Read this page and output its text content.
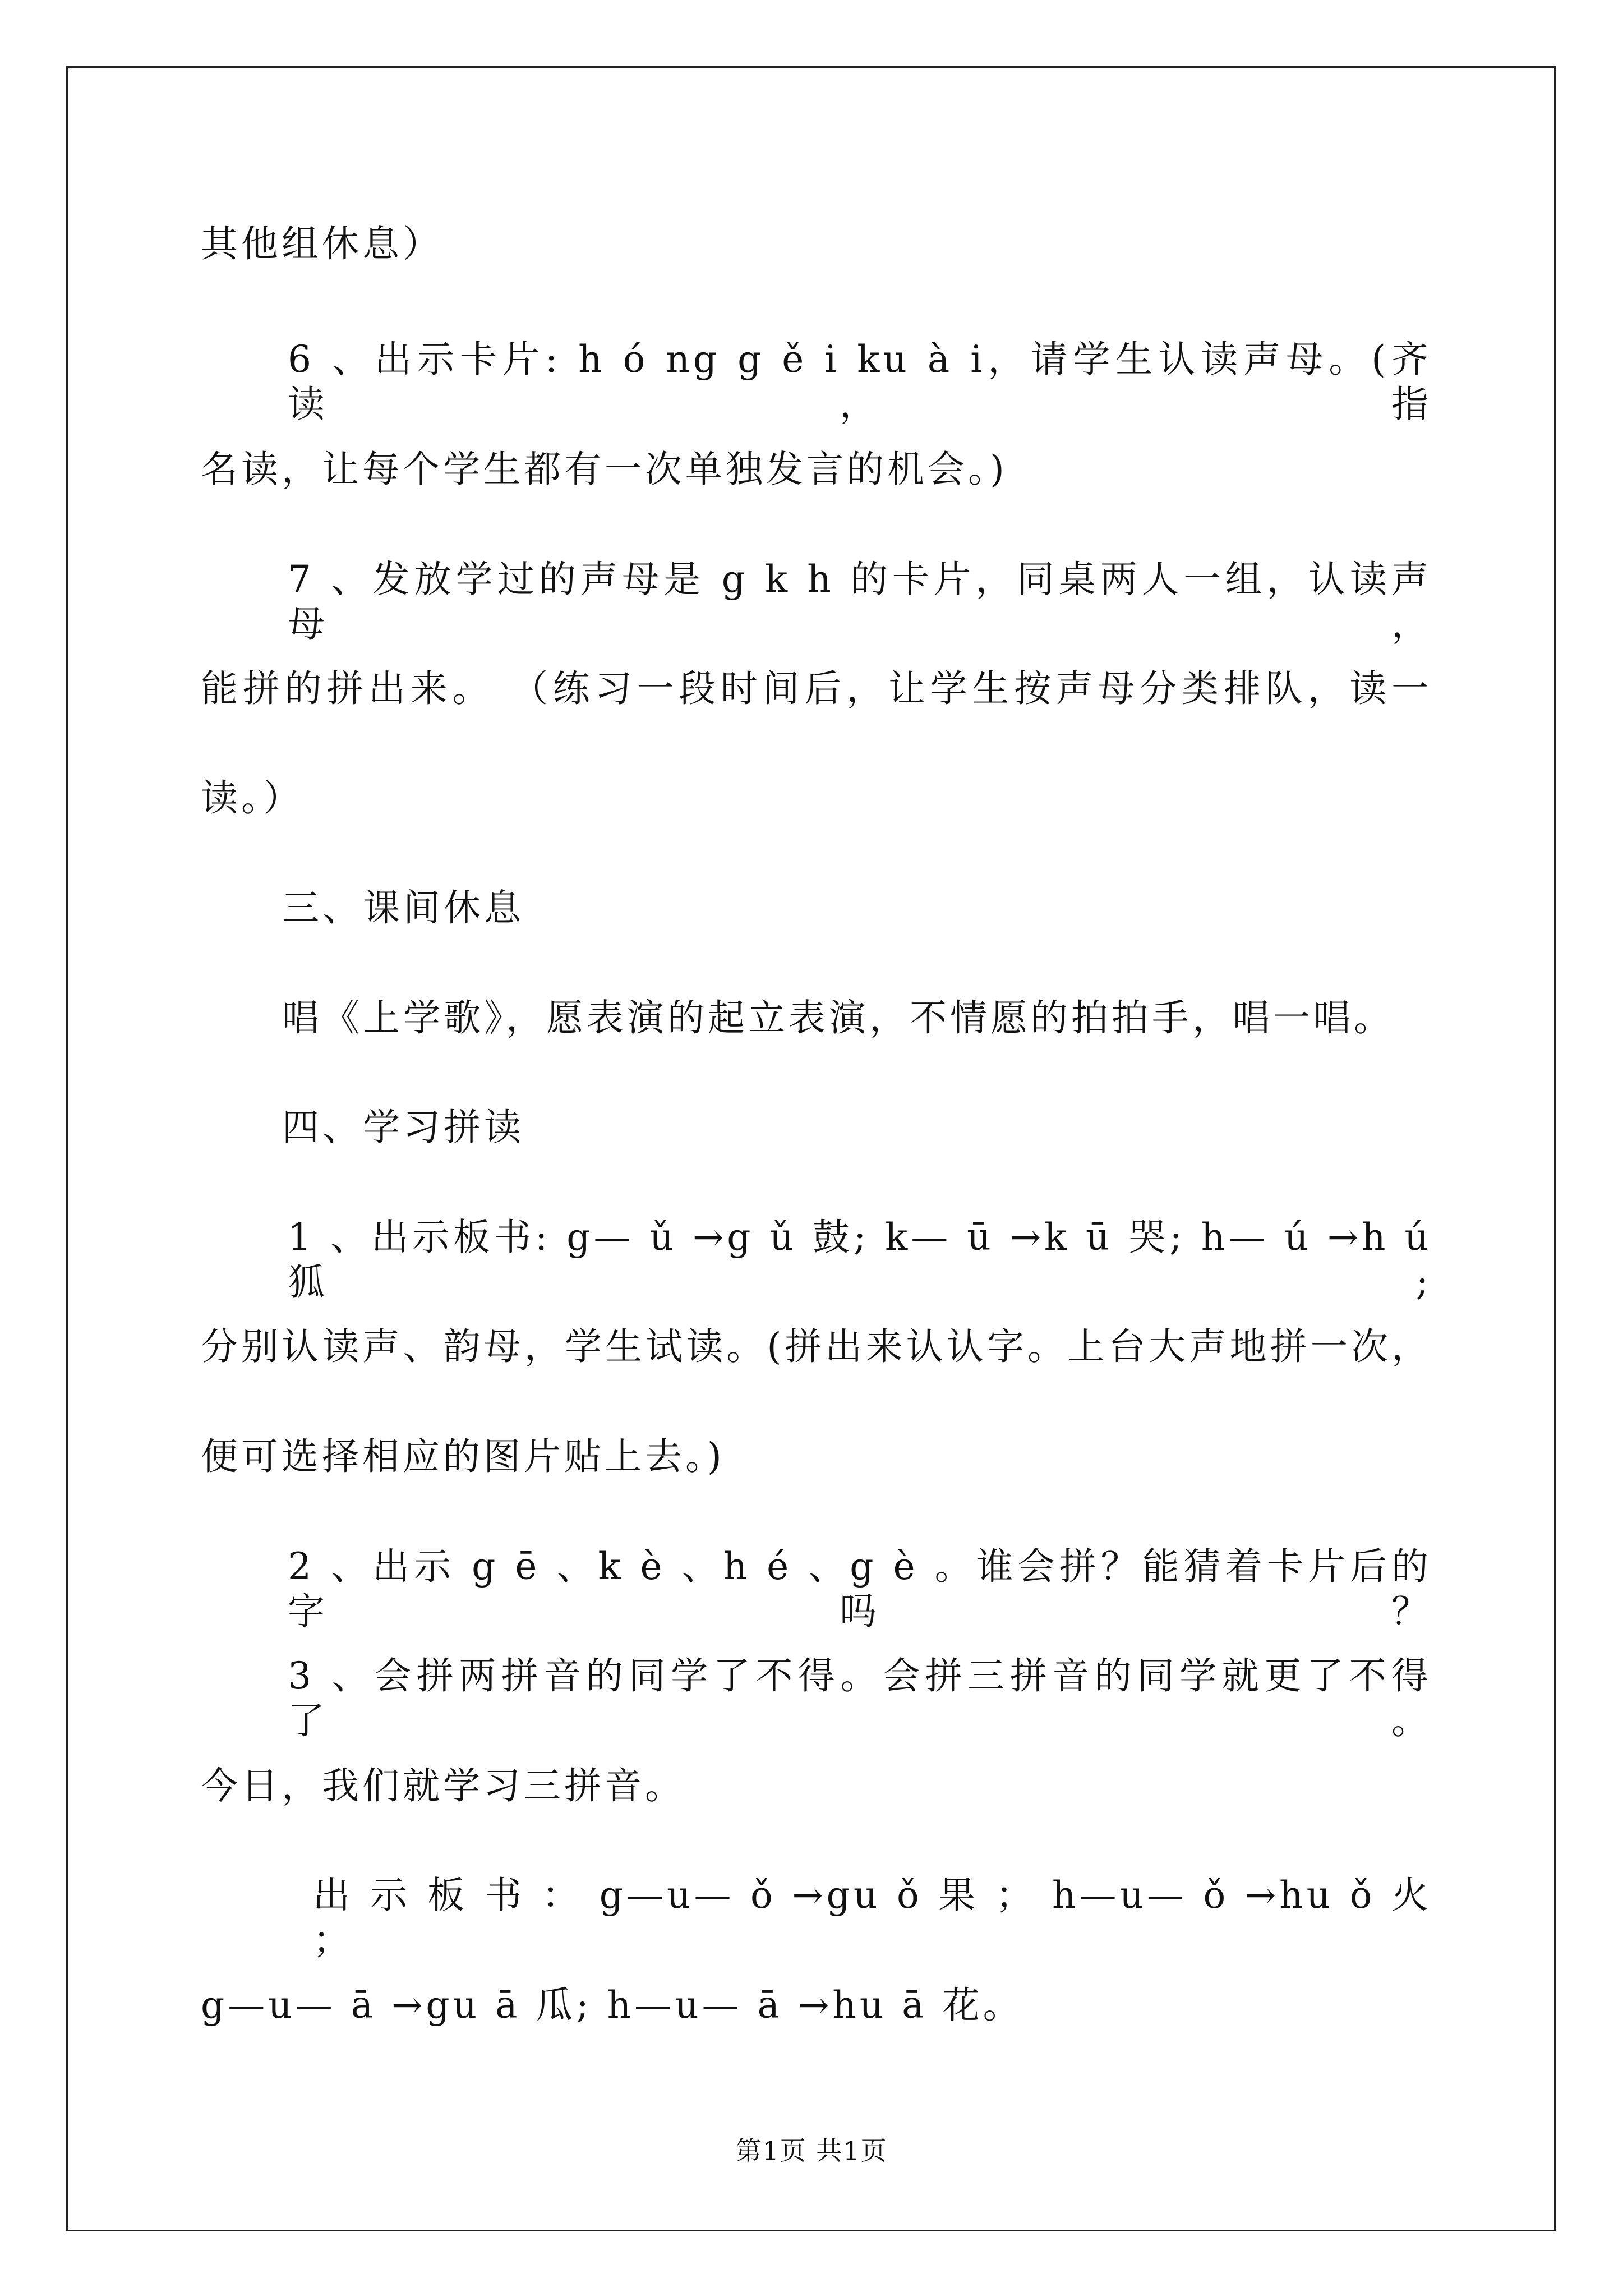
其他组休息）
6 、出示卡片: h ó ng g ě i ku à i，请学生认读声母。(齐读，指
名读，让每个学生都有一次单独发言的机会。)
7 、发放学过的声母是 g k h 的卡片，同桌两人一组，认读声母，
能拼的拼出来。 （练习一段时间后，让学生按声母分类排队，读一
读。）
三、课间休息
唱《上学歌》，愿表演的起立表演，不情愿的拍拍手，唱一唱。
四、学习拼读
1 、出示板书: g— ǔ →g ǔ 鼓; k— ū →k ū 哭; h— ú →h ú 狐;
分别认读声、韵母，学生试读。(拼出来认认字。上台大声地拼一次，
便可选择相应的图片贴上去。)
2 、出示 g ē 、k è 、h é 、g è 。谁会拼？能猜着卡片后的字吗？
3 、会拼两拼音的同学了不得。会拼三拼音的同学就更了不得了。
今日，我们就学习三拼音。
出 示 板 书 ： g—u— ǒ →gu ǒ 果 ； h—u— ǒ →hu ǒ 火 ；
g—u— ā →gu ā 瓜; h—u— ā →hu ā 花。
第1页 共1页
